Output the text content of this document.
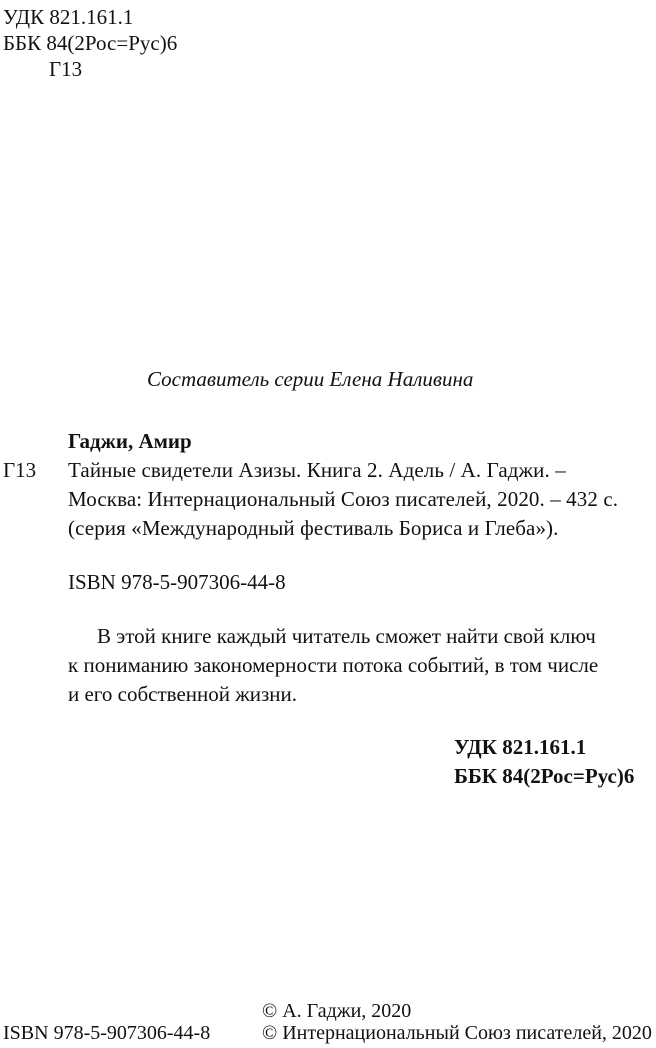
УДК 821.161.1
ББК 84(2Рос=Рус)6
Г13
Составитель серии Елена Наливина
Гаджи, Амир
Г13 Тайные свидетели Азизы. Книга 2. Адель / А. Гаджи. –
Москва: Интернациональный Союз писателей, 2020. – 432 с.
(серия «Международный фестиваль Бориса и Глеба»).
ISBN 978-5-907306-44-8
В этой книге каждый читатель сможет найти свой ключ
к пониманию закономерности потока событий, в том числе
и его собственной жизни.
УДК 821.161.1
ББК 84(2Рос=Рус)6
© А. Гаджи, 2020
ISBN 978-5-907306-44-8	© Интернациональный Союз писателей, 2020
